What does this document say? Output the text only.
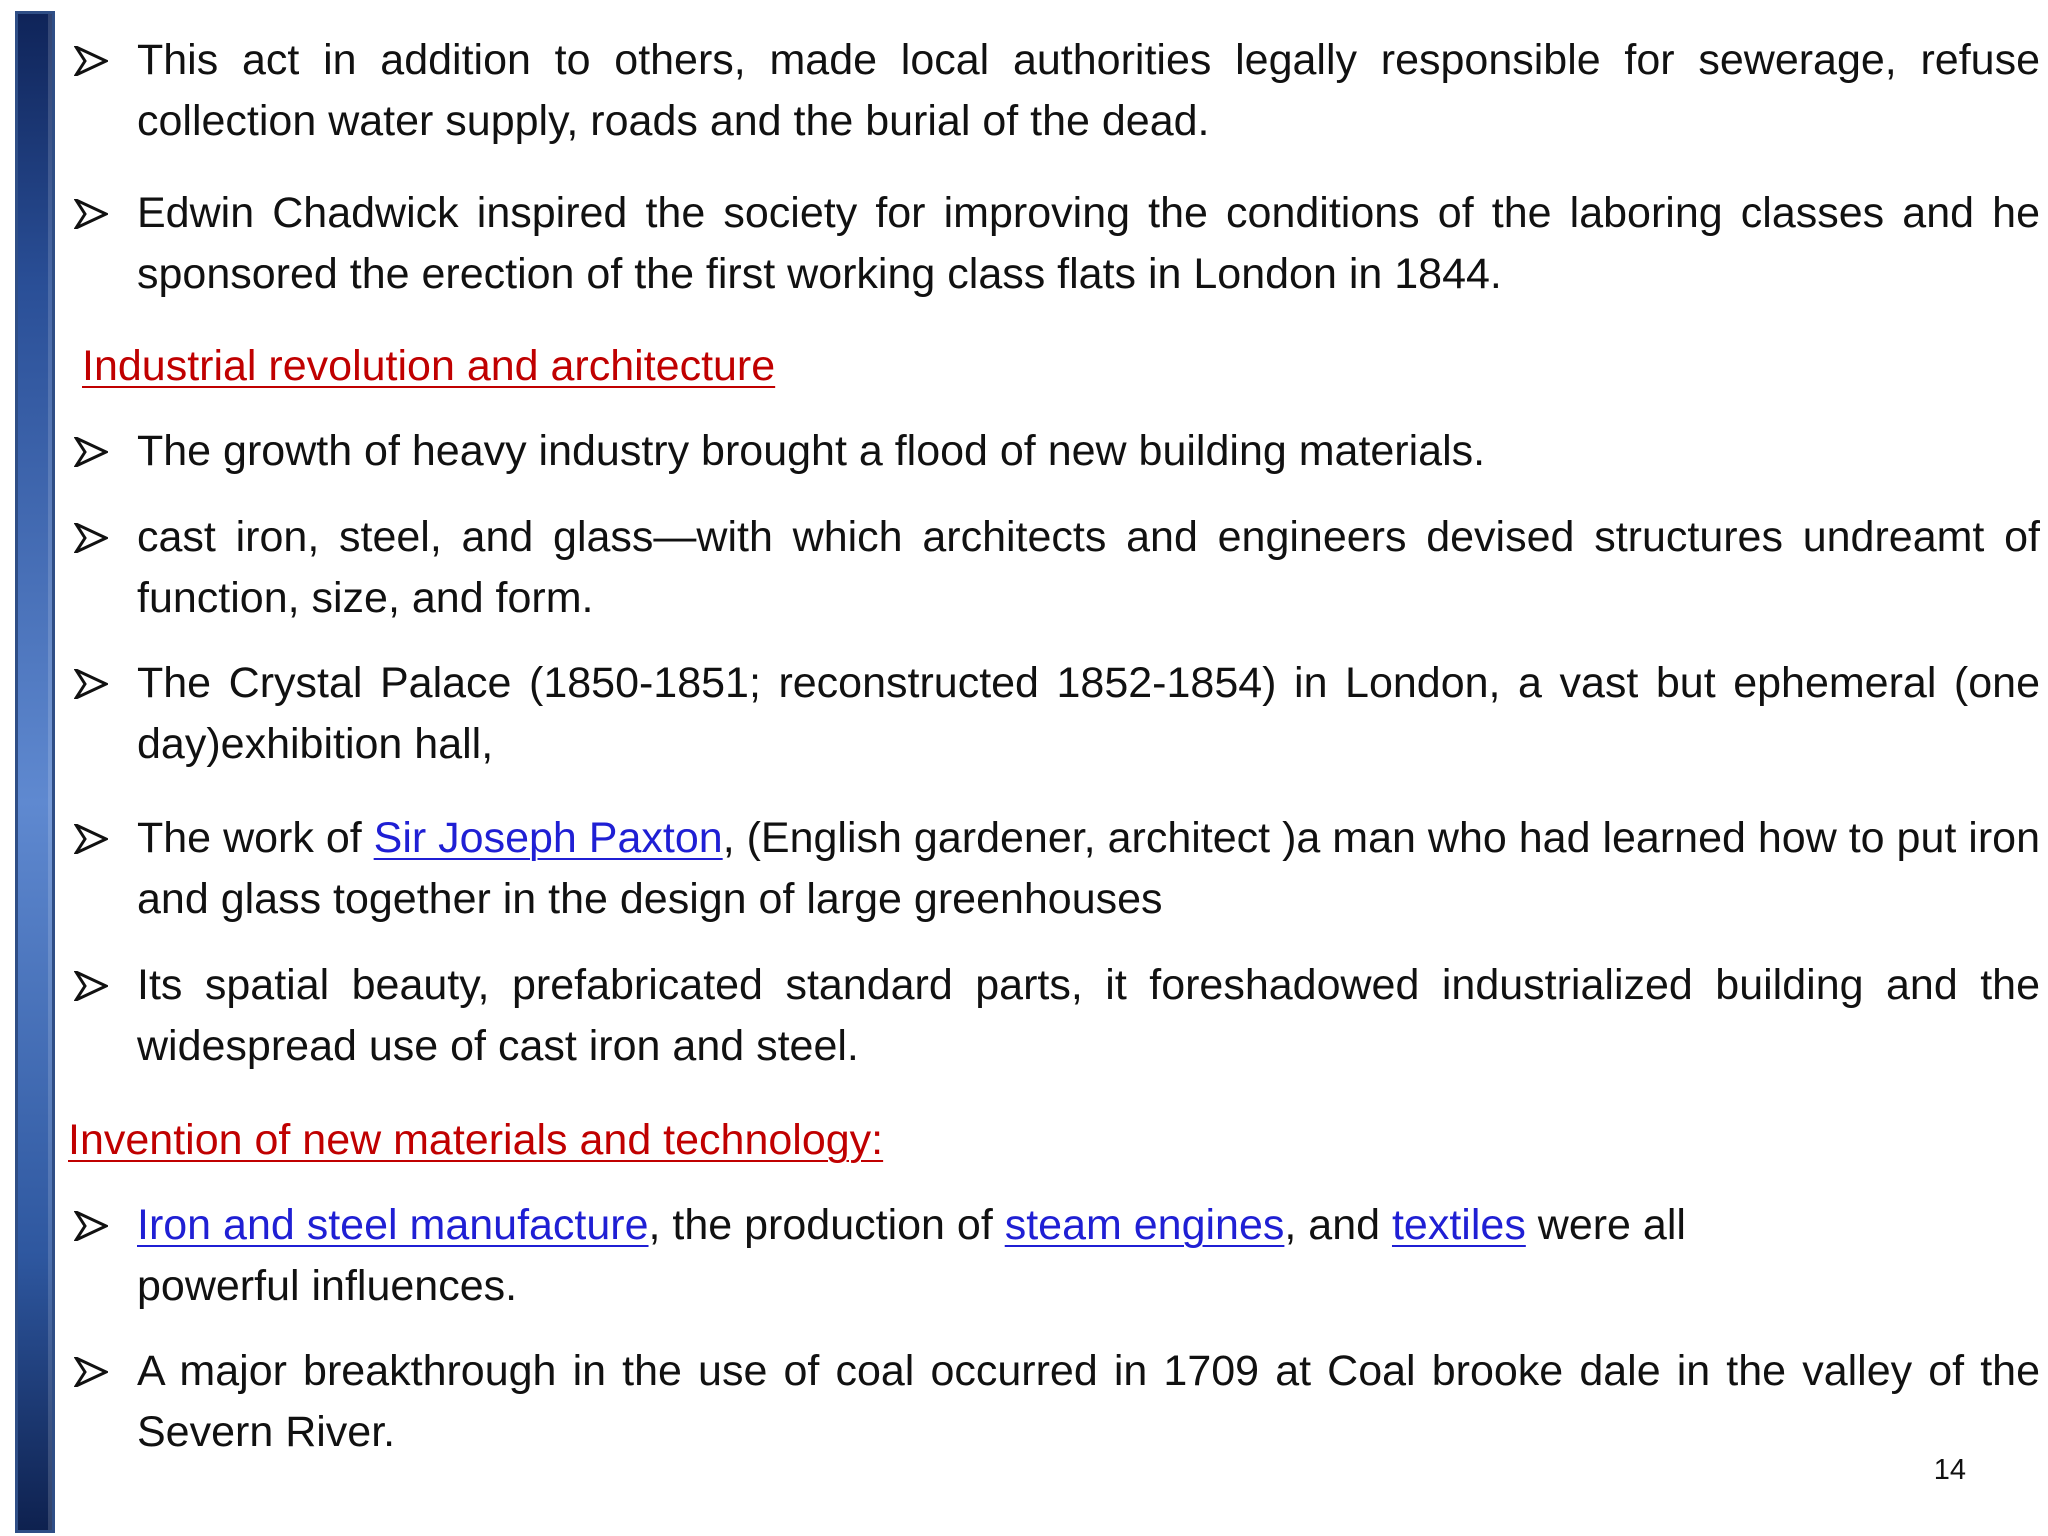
This act in addition to others, made local authorities legally responsible for sewerage, refuse collection water supply, roads and the burial of the dead.
Edwin Chadwick inspired the society for improving the conditions of the laboring classes and he sponsored the erection of the first working class flats in London in 1844.
Industrial revolution and architecture
The growth of heavy industry brought a flood of new building materials.
cast iron, steel, and glass—with which architects and engineers devised structures undreamt of function, size, and form.
The Crystal Palace (1850-1851; reconstructed 1852-1854) in London, a vast but ephemeral (one day)exhibition hall,
The work of Sir Joseph Paxton, (English gardener, architect )a man who had learned how to put iron and glass together in the design of large greenhouses
Its spatial beauty, prefabricated standard parts, it foreshadowed industrialized building and the widespread use of cast iron and steel.
Invention of new materials and technology:
Iron and steel manufacture, the production of steam engines, and textiles were all powerful influences.
A major breakthrough in the use of coal occurred in 1709 at Coal brooke dale in the valley of the Severn River.
14
